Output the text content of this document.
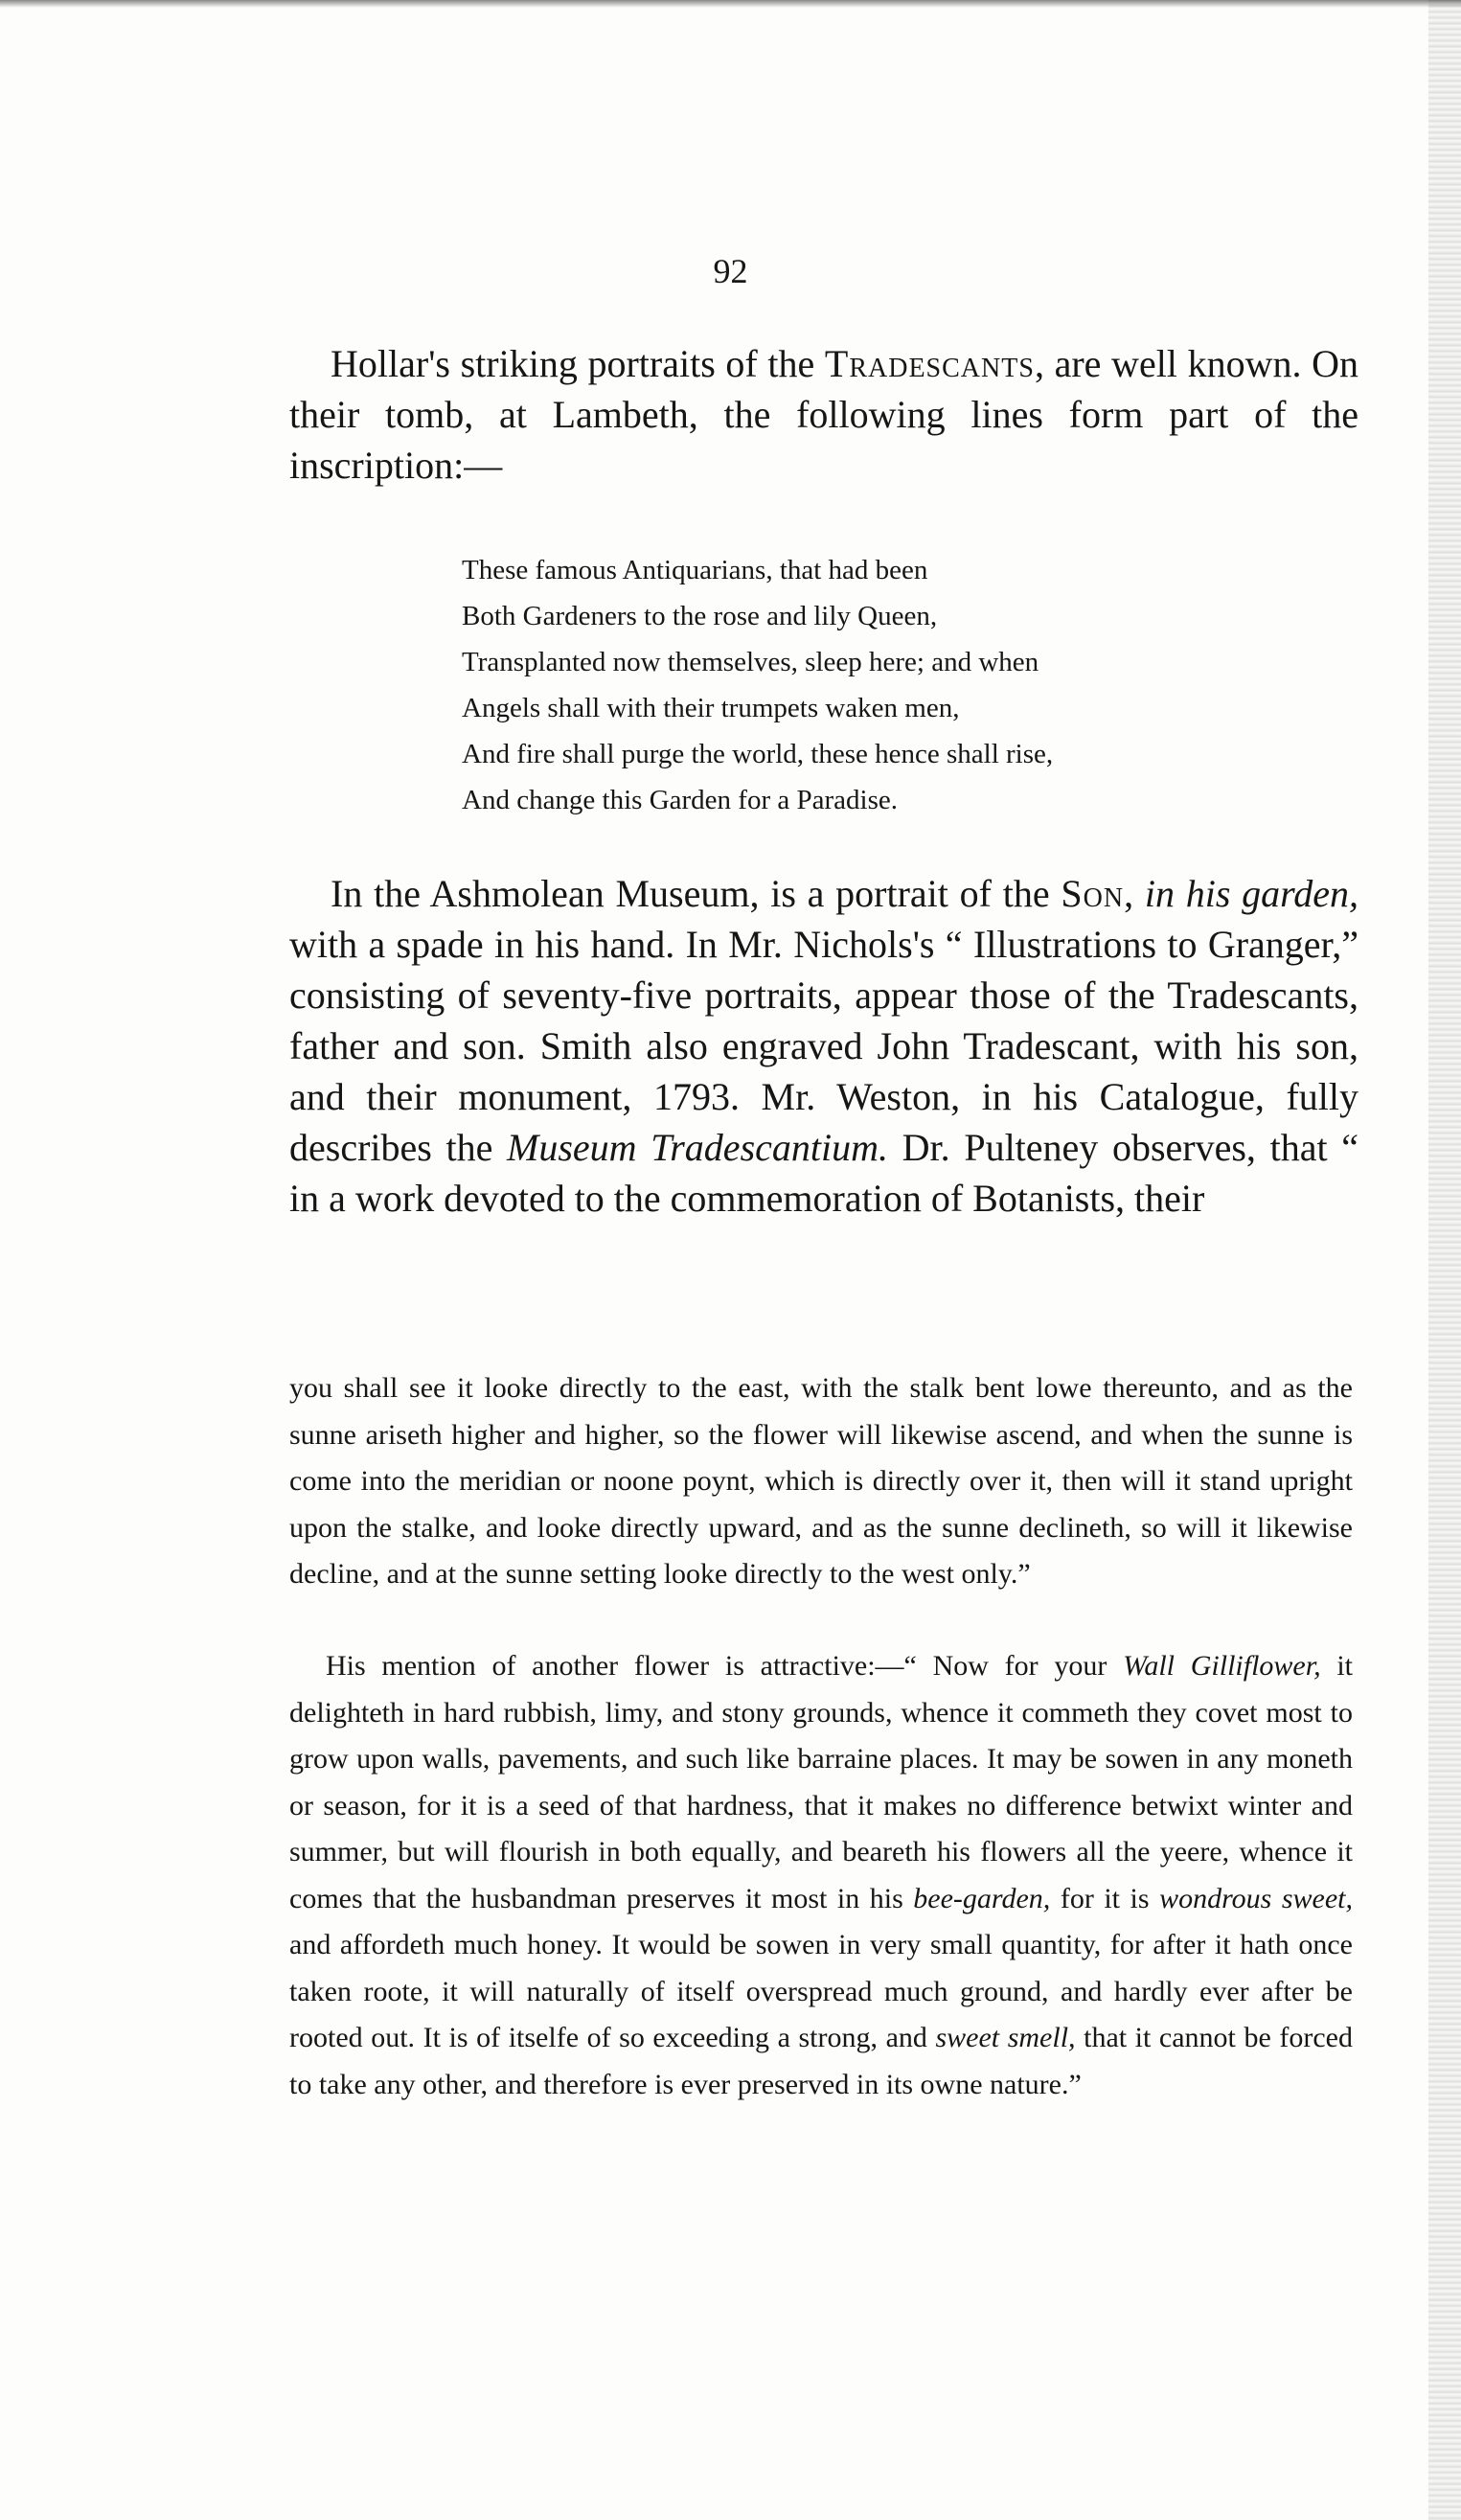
92

Hollar's striking portraits of the Tradescants, are well known. On their tomb, at Lambeth, the following lines form part of the inscription:—

These famous Antiquarians, that had been
Both Gardeners to the rose and lily Queen,
Transplanted now themselves, sleep here; and when
Angels shall with their trumpets waken men,
And fire shall purge the world, these hence shall rise,
And change this Garden for a Paradise.

In the Ashmolean Museum, is a portrait of the Son, in his garden, with a spade in his hand. In Mr. Nichols's “ Illustrations to Granger,” consisting of seventy-five portraits, appear those of the Tradescants, father and son. Smith also engraved John Tradescant, with his son, and their monument, 1793. Mr. Weston, in his Catalogue, fully describes the Museum Tradescantium. Dr. Pulteney observes, that “ in a work devoted to the commemoration of Botanists, their

you shall see it looke directly to the east, with the stalk bent lowe thereunto, and as the sunne ariseth higher and higher, so the flower will likewise ascend, and when the sunne is come into the meridian or noone poynt, which is directly over it, then will it stand upright upon the stalke, and looke directly upward, and as the sunne declineth, so will it likewise decline, and at the sunne setting looke directly to the west only.”

His mention of another flower is attractive:—“ Now for your Wall Gilliflower, it delighteth in hard rubbish, limy, and stony grounds, whence it commeth they covet most to grow upon walls, pavements, and such like barraine places. It may be sowen in any moneth or season, for it is a seed of that hardness, that it makes no difference betwixt winter and summer, but will flourish in both equally, and beareth his flowers all the yeere, whence it comes that the husbandman preserves it most in his bee-garden, for it is wondrous sweet, and affordeth much honey. It would be sowen in very small quantity, for after it hath once taken roote, it will naturally of itself overspread much ground, and hardly ever after be rooted out. It is of itselfe of so exceeding a strong, and sweet smell, that it cannot be forced to take any other, and therefore is ever preserved in its owne nature.”
